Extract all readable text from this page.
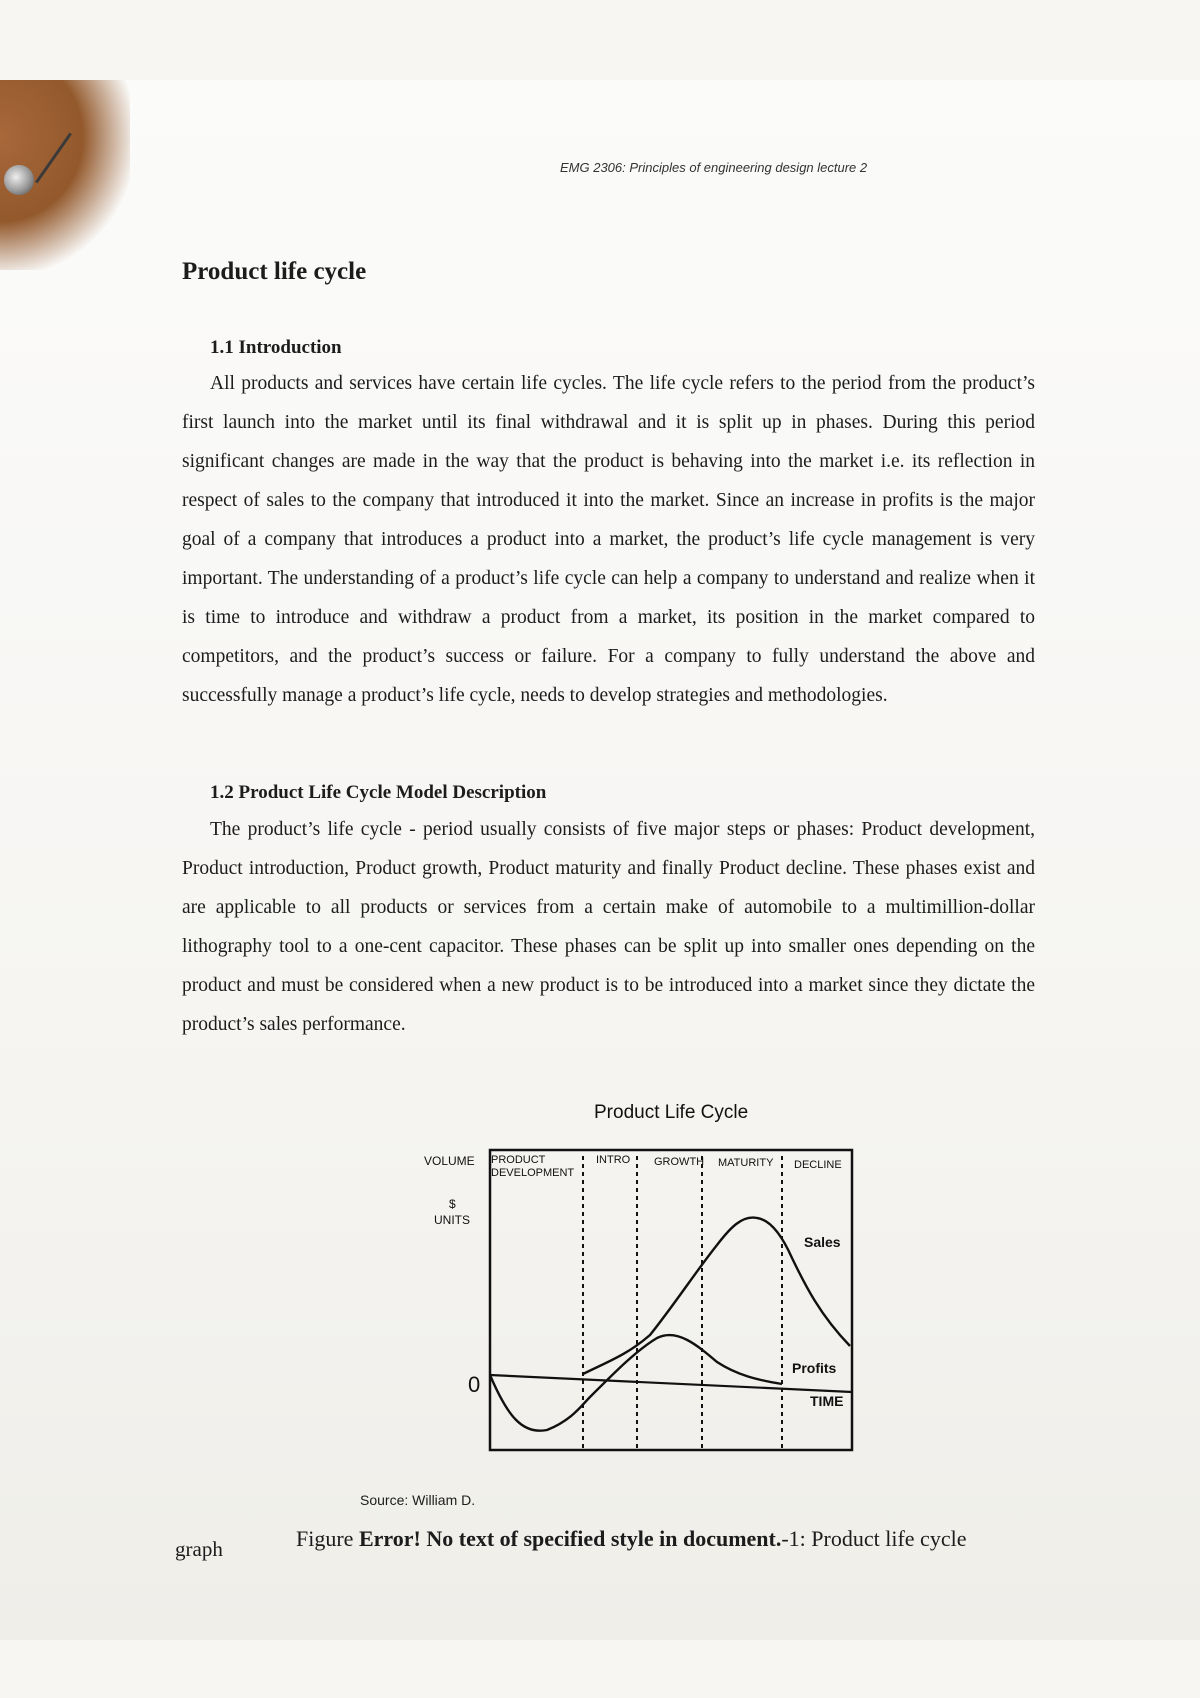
EMG 2306: Principles of engineering design lecture 2
Product life cycle
1.1 Introduction

All products and services have certain life cycles. The life cycle refers to the period from the product’s first launch into the market until its final withdrawal and it is split up in phases. During this period significant changes are made in the way that the product is behaving into the market i.e. its reflection in respect of sales to the company that introduced it into the market. Since an increase in profits is the major goal of a company that introduces a product into a market, the product’s life cycle management is very important. The understanding of a product’s life cycle can help a company to understand and realize when it is time to introduce and withdraw a product from a market, its position in the market compared to competitors, and the product’s success or failure. For a company to fully understand the above and successfully manage a product’s life cycle, needs to develop strategies and methodologies.

1.2 Product Life Cycle Model Description

The product’s life cycle - period usually consists of five major steps or phases: Product development, Product introduction, Product growth, Product maturity and finally Product decline. These phases exist and are applicable to all products or services from a certain make of automobile to a multimillion-dollar lithography tool to a one-cent capacitor. These phases can be split up into smaller ones depending on the product and must be considered when a new product is to be introduced into a market since they dictate the product’s sales performance.

Product Life Cycle
VOLUME
$
UNITS
0
PRODUCT
DEVELOPMENT
INTRO GROWTH MATURITY DECLINE
Sales
Profits
TIME
Source: William D.
graph	Figure Error! No text of specified style in document.-1: Product life cycle
